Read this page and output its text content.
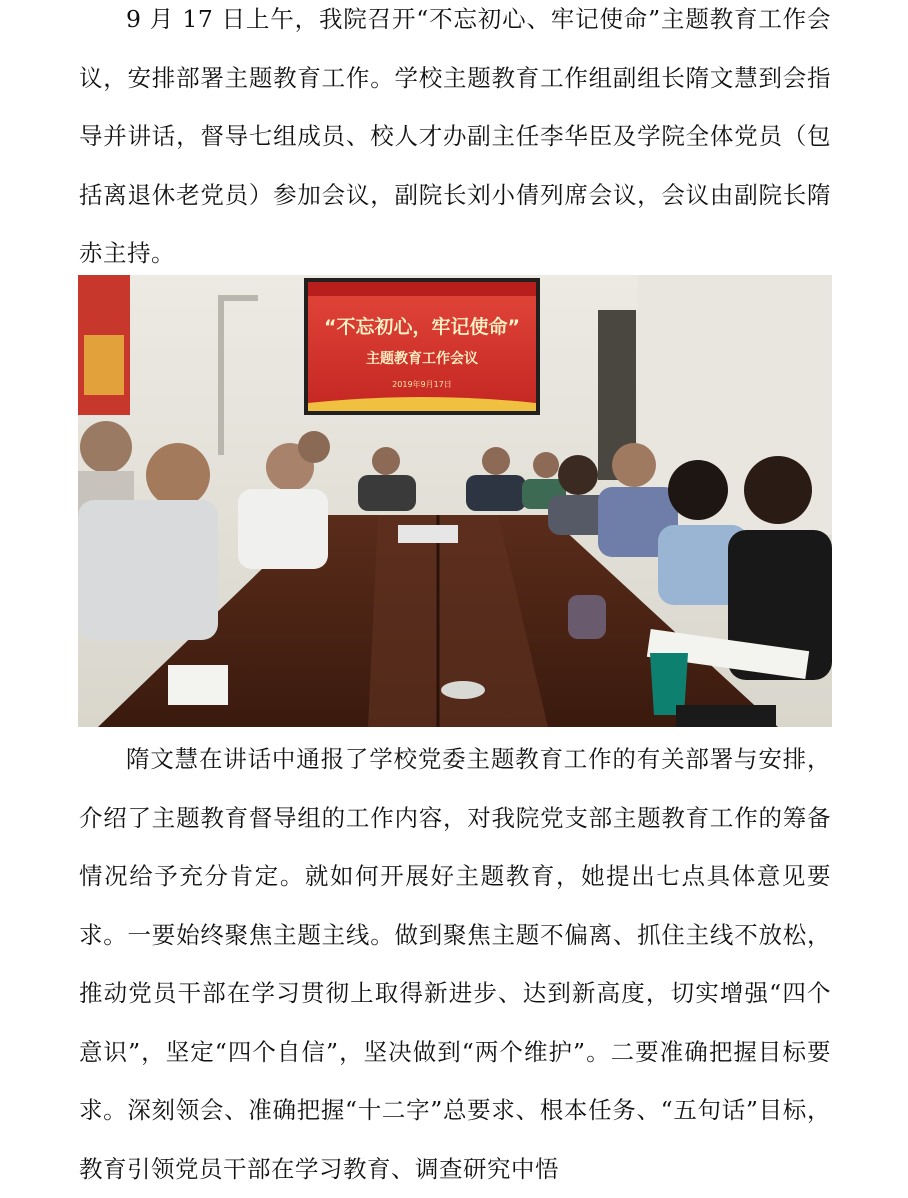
9 月 17 日上午，我院召开“不忘初心、牢记使命”主题教育工作会议，安排部署主题教育工作。学校主题教育工作组副组长隋文慧到会指导并讲话，督导七组成员、校人才办副主任李华臣及学院全体党员（包括离退休老党员）参加会议，副院长刘小倩列席会议，会议由副院长隋赤主持。

“不忘初心，牢记使命”
主题教育工作会议
2019年9月17日

隋文慧在讲话中通报了学校党委主题教育工作的有关部署与安排，介绍了主题教育督导组的工作内容，对我院党支部主题教育工作的筹备情况给予充分肯定。就如何开展好主题教育，她提出七点具体意见要求。一要始终聚焦主题主线。做到聚焦主题不偏离、抓住主线不放松，推动党员干部在学习贯彻上取得新进步、达到新高度，切实增强“四个意识”，坚定“四个自信”，坚决做到“两个维护”。二要准确把握目标要求。深刻领会、准确把握“十二字”总要求、根本任务、“五句话”目标，教育引领党员干部在学习教育、调查研究中悟
